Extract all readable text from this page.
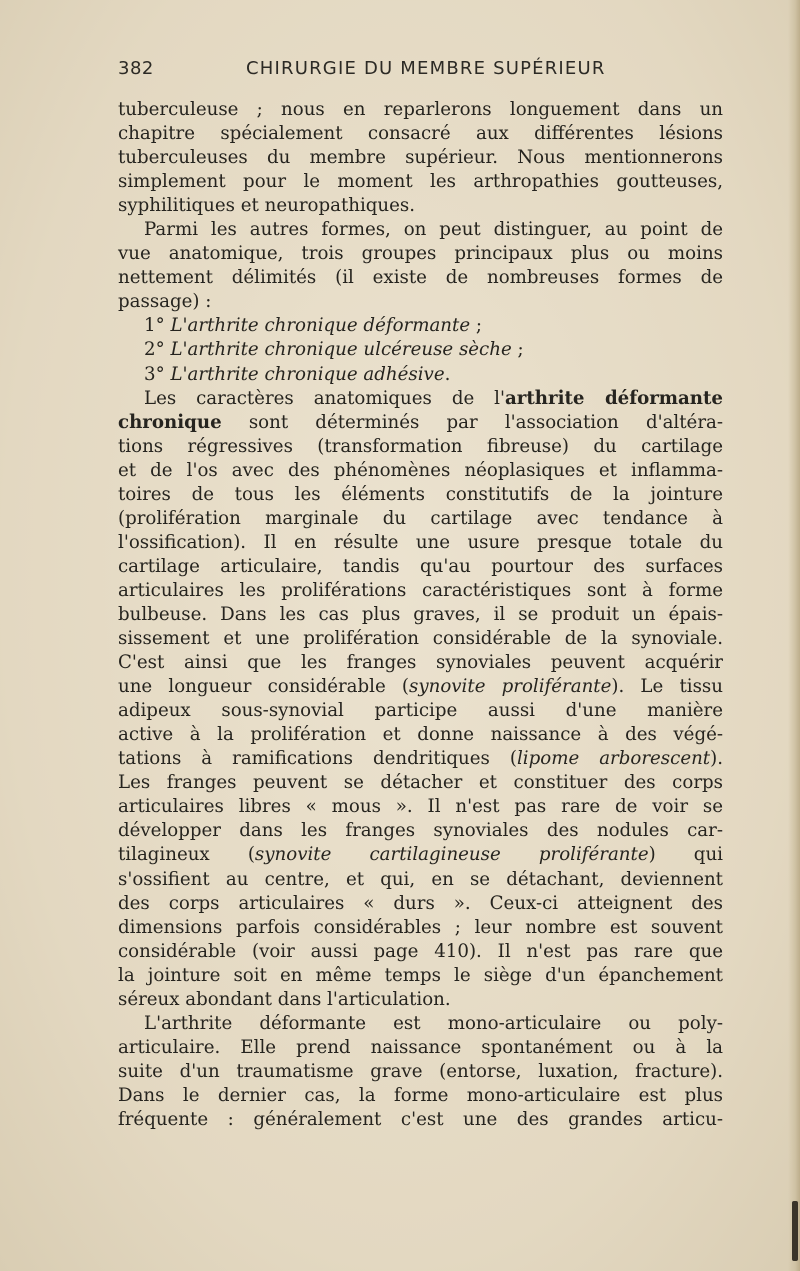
382	CHIRURGIE DU MEMBRE SUPÉRIEUR
tuberculeuse ; nous en reparlerons longuement dans un
chapitre spécialement consacré aux différentes lésions
tuberculeuses du membre supérieur. Nous mentionnerons
simplement pour le moment les arthropathies goutteuses,
syphilitiques et neuropathiques.
Parmi les autres formes, on peut distinguer, au point de
vue anatomique, trois groupes principaux plus ou moins
nettement délimités (il existe de nombreuses formes de
passage) :
1° L'arthrite chronique déformante ;
2° L'arthrite chronique ulcéreuse sèche ;
3° L'arthrite chronique adhésive.
Les caractères anatomiques de l'arthrite déformante
chronique sont déterminés par l'association d'altéra-
tions régressives (transformation fibreuse) du cartilage
et de l'os avec des phénomènes néoplasiques et inflamma-
toires de tous les éléments constitutifs de la jointure
(prolifération marginale du cartilage avec tendance à
l'ossification). Il en résulte une usure presque totale du
cartilage articulaire, tandis qu'au pourtour des surfaces
articulaires les proliférations caractéristiques sont à forme
bulbeuse. Dans les cas plus graves, il se produit un épais-
sissement et une prolifération considérable de la synoviale.
C'est ainsi que les franges synoviales peuvent acquérir
une longueur considérable (synovite proliférante). Le tissu
adipeux sous-synovial participe aussi d'une manière
active à la prolifération et donne naissance à des végé-
tations à ramifications dendritiques (lipome arborescent).
Les franges peuvent se détacher et constituer des corps
articulaires libres « mous ». Il n'est pas rare de voir se
développer dans les franges synoviales des nodules car-
tilagineux (synovite cartilagineuse proliférante) qui
s'ossifient au centre, et qui, en se détachant, deviennent
des corps articulaires « durs ». Ceux-ci atteignent des
dimensions parfois considérables ; leur nombre est souvent
considérable (voir aussi page 410). Il n'est pas rare que
la jointure soit en même temps le siège d'un épanchement
séreux abondant dans l'articulation.
L'arthrite déformante est mono-articulaire ou poly-
articulaire. Elle prend naissance spontanément ou à la
suite d'un traumatisme grave (entorse, luxation, fracture).
Dans le dernier cas, la forme mono-articulaire est plus
fréquente : généralement c'est une des grandes articu-
